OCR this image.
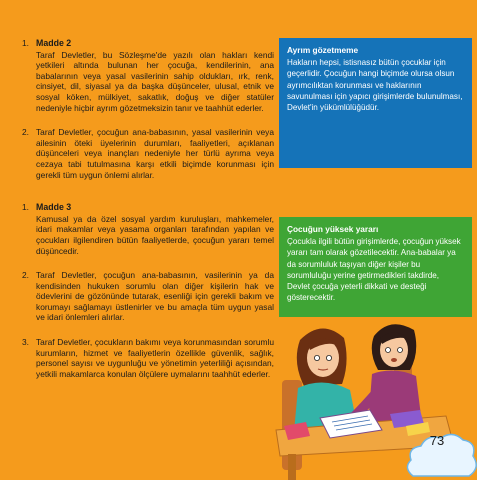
1. Madde 2
Taraf Devletler, bu Sözleşme'de yazılı olan hakları kendi yetkileri altında bulunan her çocuğa, kendilerinin, ana babalarının veya yasal vasilerinin sahip oldukları, ırk, renk, cinsiyet, dil, siyasal ya da başka düşünceler, ulusal, etnik ve sosyal köken, mülkiyet, sakatlık, doğuş ve diğer statüler nedeniyle hiçbir ayrım gözetmeksizin tanır ve taahhüt ederler.
2. Taraf Devletler, çocuğun ana-babasının, yasal vasilerinin veya ailesinin öteki üyelerinin durumları, faaliyetleri, açıklanan düşünceleri veya inançları nedeniyle her türlü ayrıma veya cezaya tabi tutulmasına karşı etkili biçimde korunması için gerekli tüm uygun önlemi alırlar.
1. Madde 3
Kamusal ya da özel sosyal yardım kuruluşları, mahkemeler, idari makamlar veya yasama organları tarafından yapılan ve çocukları ilgilendiren bütün faaliyetlerde, çocuğun yararı temel düşüncedir.
2. Taraf Devletler, çocuğun ana-babasının, vasilerinin ya da kendisinden hukuken sorumlu olan diğer kişilerin hak ve ödevlerini de gözönünde tutarak, esenliği için gerekli bakım ve korumayı sağlamayı üstlenirler ve bu amaçla tüm uygun yasal ve idari önlemleri alırlar.
3. Taraf Devletler, çocukların bakımı veya korunmasından sorumlu kurumların, hizmet ve faaliyetlerin özellikle güvenlik, sağlık, personel sayısı ve uygunluğu ve yönetimin yeterliliği açısından, yetkili makamlarca konulan ölçülere uymalarını taahhüt ederler.
Ayrım gözetmeme
Hakların hepsi, istisnasız bütün çocuklar için geçerlidir. Çocuğun hangi biçimde olursa olsun ayrımcılıktan korunması ve haklarının savunulması için yapıcı girişimlerde bulunulması, Devlet'in yükümlülüğüdür.
Çocuğun yüksek yararı
Çocukla ilgili bütün girişimlerde, çocuğun yüksek yararı tam olarak gözetilecektir. Ana-babalar ya da sorumluluk taşıyan diğer kişiler bu sorumluluğu yerine getirmedikleri takdirde, Devlet çocuğa yeterli dikkati ve desteği gösterecektir.
73
